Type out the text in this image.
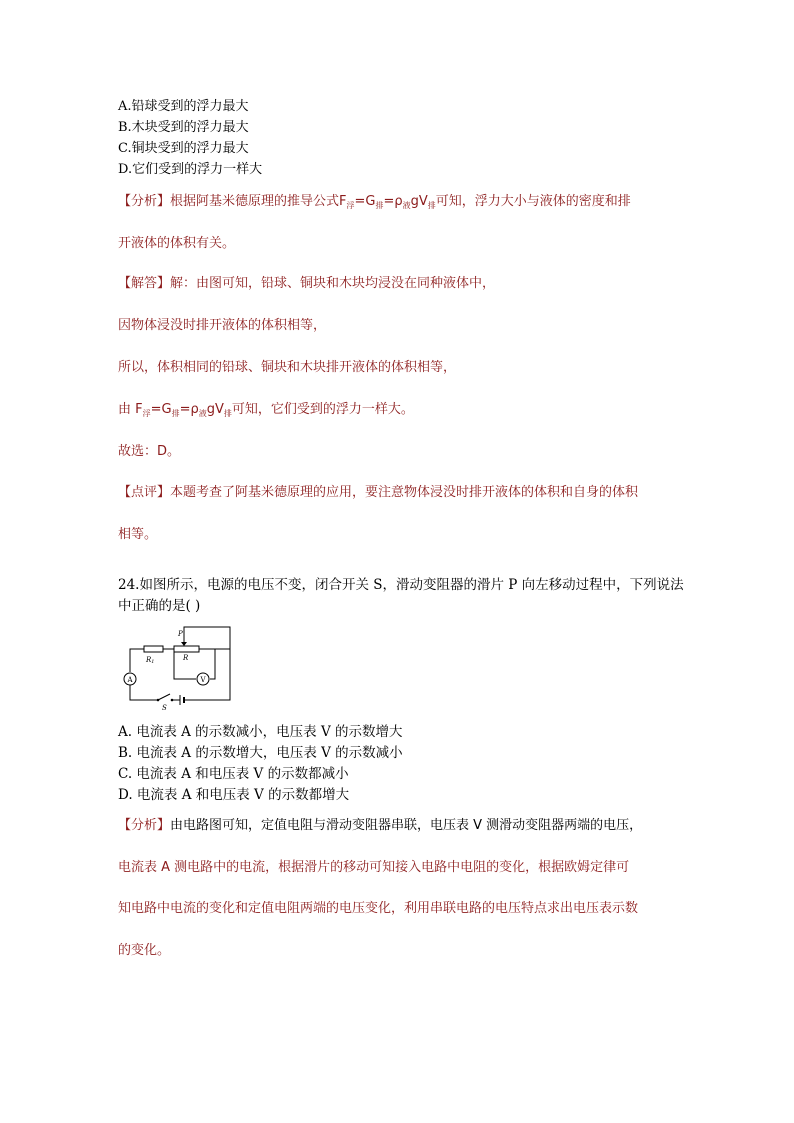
A.铅球受到的浮力最大
B.木块受到的浮力最大
C.铜块受到的浮力最大
D.它们受到的浮力一样大
【分析】根据阿基米德原理的推导公式$F_浮=G_排=\rho_液gV_排$可知，浮力大小与液体的密度和排
开液体的体积有关。
【解答】解：由图可知，铅球、铜块和木块均浸没在同种液体中，
因物体浸没时排开液体的体积相等，
所以，体积相同的铅球、铜块和木块排开液体的体积相等，
由 $F_浮=G_排=\rho_液gV_排$可知，它们受到的浮力一样大。
故选：D。
【点评】本题考查了阿基米德原理的应用，要注意物体浸没时排开液体的体积和自身的体积
相等。
24.如图所示，电源的电压不变，闭合开关 S，滑动变阻器的滑片 P 向左移动过程中，下列说法
中正确的是( )
R1	R
P
A	V
S
A. 电流表 A 的示数减小，电压表 V 的示数增大
B. 电流表 A 的示数增大，电压表 V 的示数减小
C. 电流表 A 和电压表 V 的示数都减小
D. 电流表 A 和电压表 V 的示数都增大
【分析】由电路图可知，定值电阻与滑动变阻器串联，电压表 V 测滑动变阻器两端的电压，
电流表 A 测电路中的电流，根据滑片的移动可知接入电路中电阻的变化，根据欧姆定律可
知电路中电流的变化和定值电阻两端的电压变化，利用串联电路的电压特点求出电压表示数
的变化。
